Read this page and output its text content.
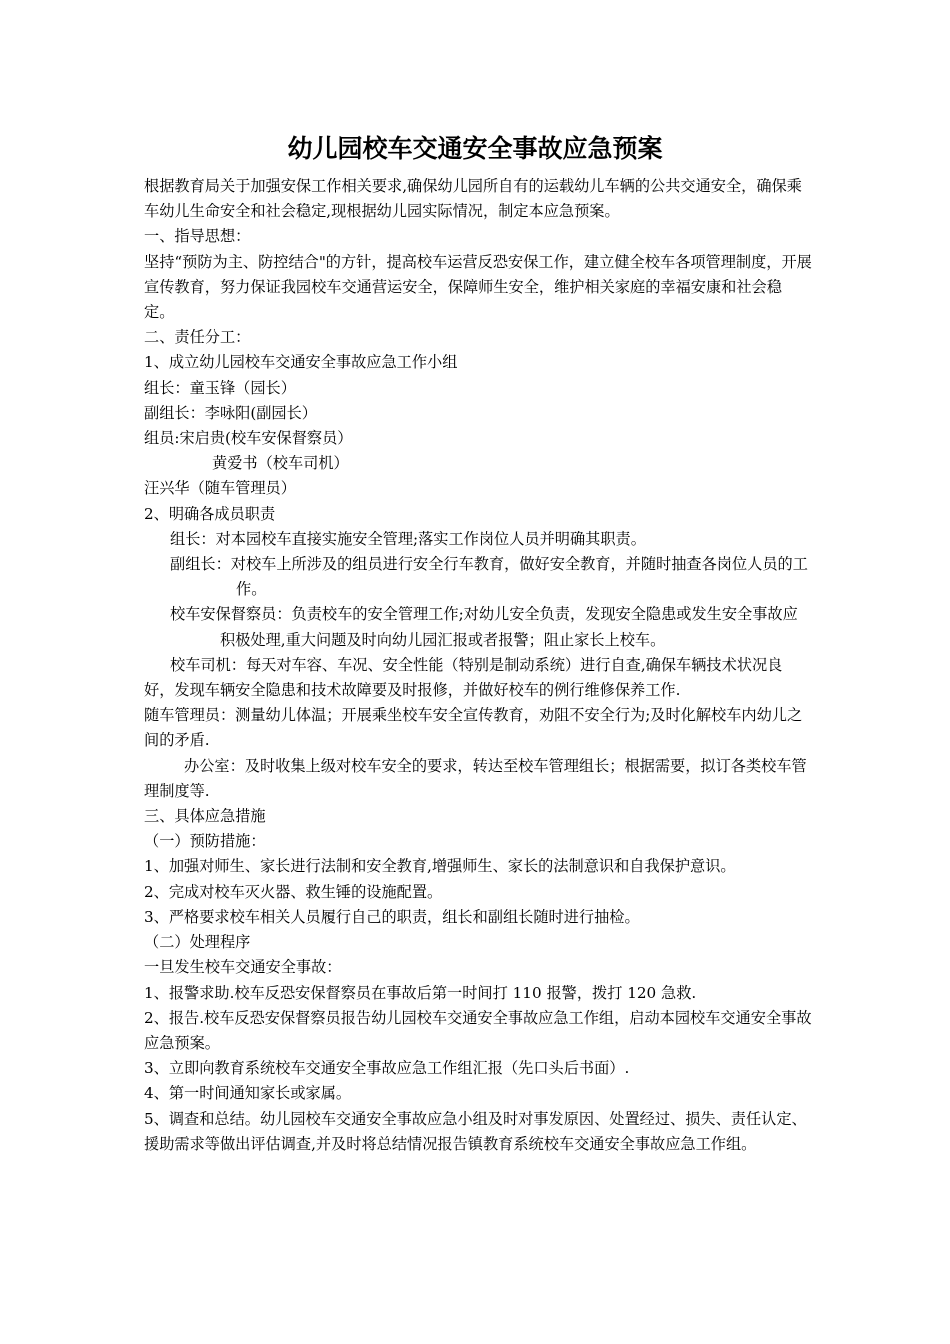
幼儿园校车交通安全事故应急预案

根据教育局关于加强安保工作相关要求,确保幼儿园所自有的运载幼儿车辆的公共交通安全，确保乘车幼儿生命安全和社会稳定,现根据幼儿园实际情况，制定本应急预案。

一、指导思想：

坚持“预防为主、防控结合"的方针，提高校车运营反恐安保工作，建立健全校车各项管理制度，开展宣传教育，努力保证我园校车交通营运安全，保障师生安全，维护相关家庭的幸福安康和社会稳定。

二、责任分工：

1、成立幼儿园校车交通安全事故应急工作小组

组长：童玉锋（园长）

副组长：李咏阳(副园长）

组员:宋启贵(校车安保督察员）

黄爱书（校车司机）

汪兴华（随车管理员）

2、明确各成员职责

组长：对本园校车直接实施安全管理;落实工作岗位人员并明确其职责。

副组长：对校车上所涉及的组员进行安全行车教育，做好安全教育，并随时抽查各岗位人员的工作。

校车安保督察员：负责校车的安全管理工作;对幼儿安全负责，发现安全隐患或发生安全事故应积极处理,重大问题及时向幼儿园汇报或者报警；阻止家长上校车。

校车司机：每天对车容、车况、安全性能（特别是制动系统）进行自查,确保车辆技术状况良好，发现车辆安全隐患和技术故障要及时报修，并做好校车的例行维修保养工作.

随车管理员：测量幼儿体温；开展乘坐校车安全宣传教育，劝阻不安全行为;及时化解校车内幼儿之间的矛盾.

办公室：及时收集上级对校车安全的要求，转达至校车管理组长；根据需要，拟订各类校车管理制度等.

三、具体应急措施

（一）预防措施：

1、加强对师生、家长进行法制和安全教育,增强师生、家长的法制意识和自我保护意识。

2、完成对校车灭火器、救生锤的设施配置。

3、严格要求校车相关人员履行自己的职责，组长和副组长随时进行抽检。

（二）处理程序

一旦发生校车交通安全事故：

1、报警求助.校车反恐安保督察员在事故后第一时间打 110 报警，拨打 120 急救.

2、报告.校车反恐安保督察员报告幼儿园校车交通安全事故应急工作组，启动本园校车交通安全事故应急预案。

3、立即向教育系统校车交通安全事故应急工作组汇报（先口头后书面）.

4、第一时间通知家长或家属。

5、调查和总结。幼儿园校车交通安全事故应急小组及时对事发原因、处置经过、损失、责任认定、援助需求等做出评估调查,并及时将总结情况报告镇教育系统校车交通安全事故应急工作组。
